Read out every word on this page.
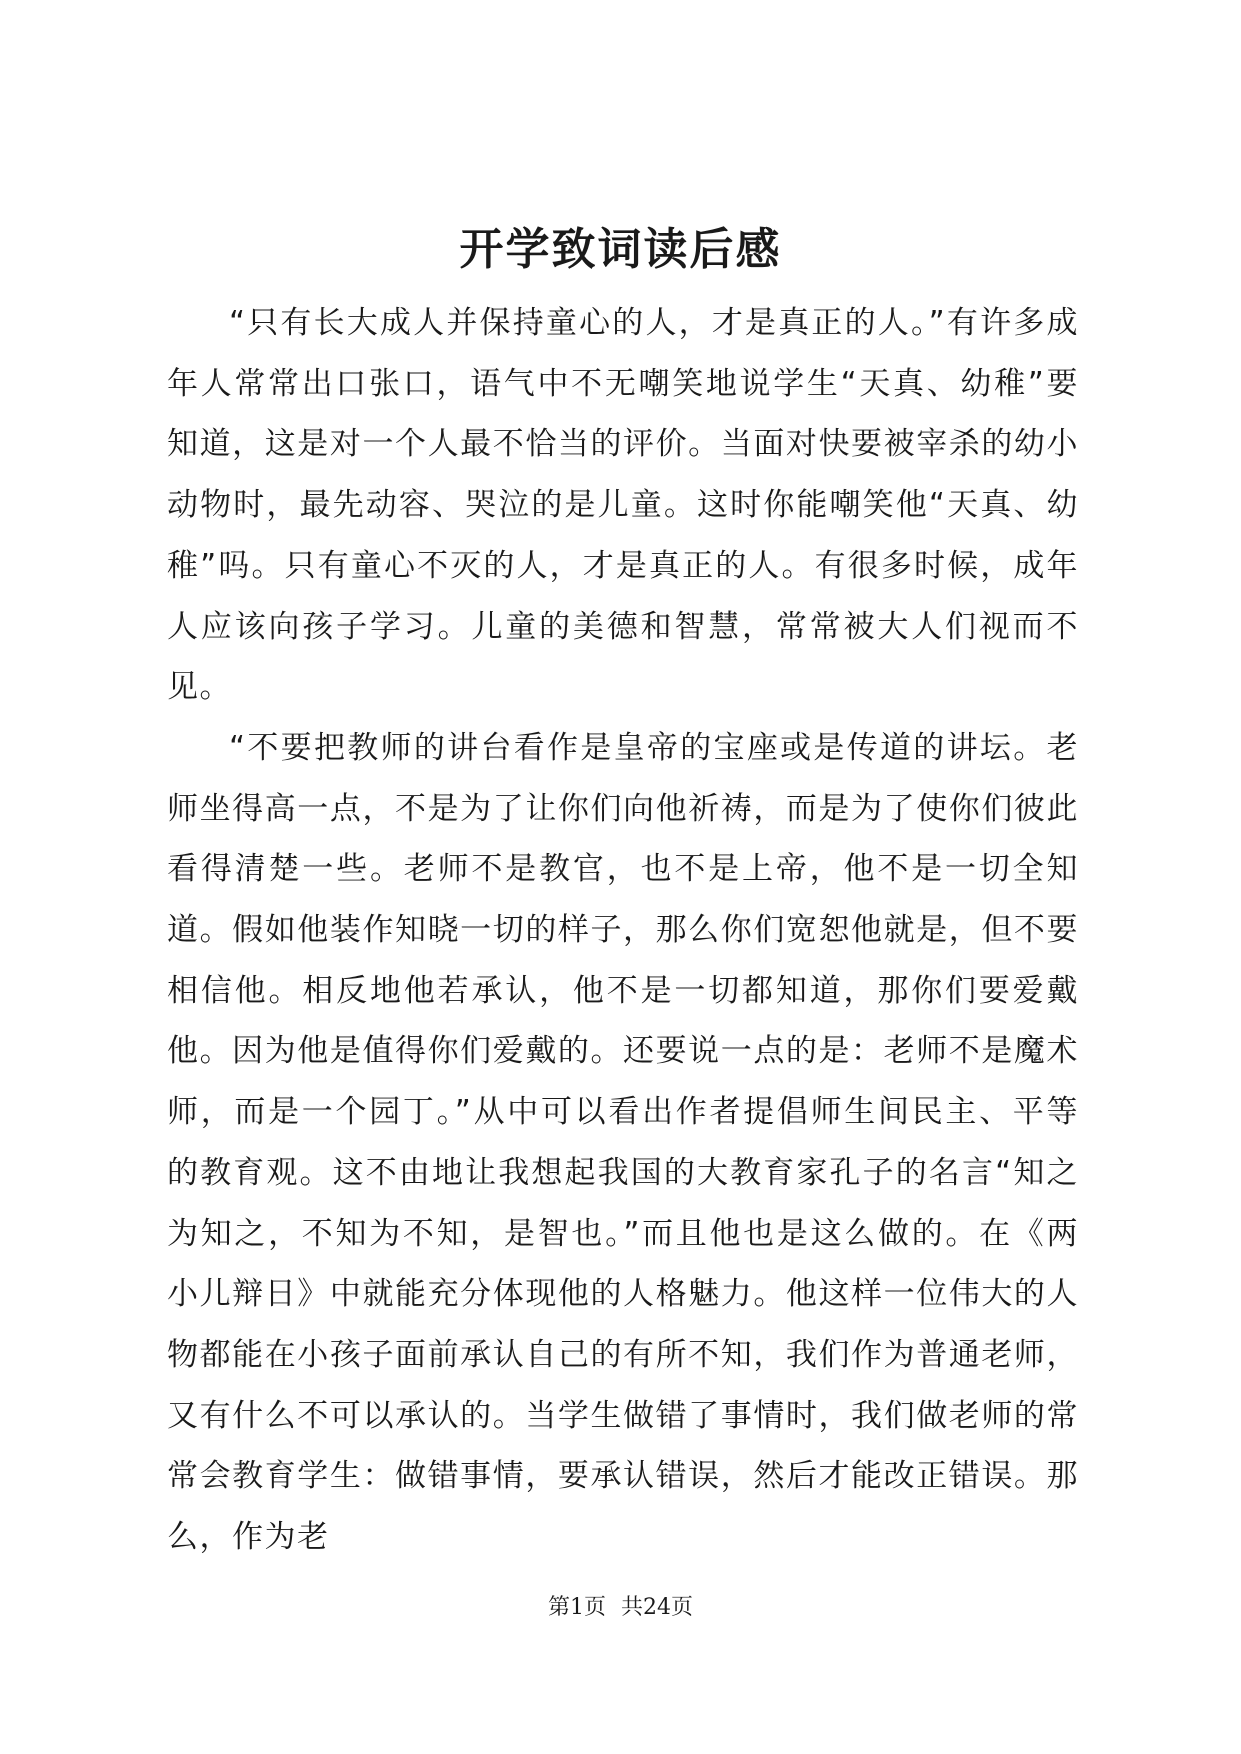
开学致词读后感

“只有长大成人并保持童心的人，才是真正的人。”有许多成年人常常出口张口，语气中不无嘲笑地说学生“天真、幼稚”要知道，这是对一个人最不恰当的评价。当面对快要被宰杀的幼小动物时，最先动容、哭泣的是儿童。这时你能嘲笑他“天真、幼稚”吗。只有童心不灭的人，才是真正的人。有很多时候，成年人应该向孩子学习。儿童的美德和智慧，常常被大人们视而不见。

“不要把教师的讲台看作是皇帝的宝座或是传道的讲坛。老师坐得高一点，不是为了让你们向他祈祷，而是为了使你们彼此看得清楚一些。老师不是教官，也不是上帝，他不是一切全知道。假如他装作知晓一切的样子，那么你们宽恕他就是，但不要相信他。相反地他若承认，他不是一切都知道，那你们要爱戴他。因为他是值得你们爱戴的。还要说一点的是：老师不是魔术师，而是一个园丁。”从中可以看出作者提倡师生间民主、平等的教育观。这不由地让我想起我国的大教育家孔子的名言“知之为知之，不知为不知，是智也。”而且他也是这么做的。在《两小儿辩日》中就能充分体现他的人格魅力。他这样一位伟大的人物都能在小孩子面前承认自己的有所不知，我们作为普通老师，又有什么不可以承认的。当学生做错了事情时，我们做老师的常常会教育学生：做错事情，要承认错误，然后才能改正错误。那么，作为老

第1页 共24页
